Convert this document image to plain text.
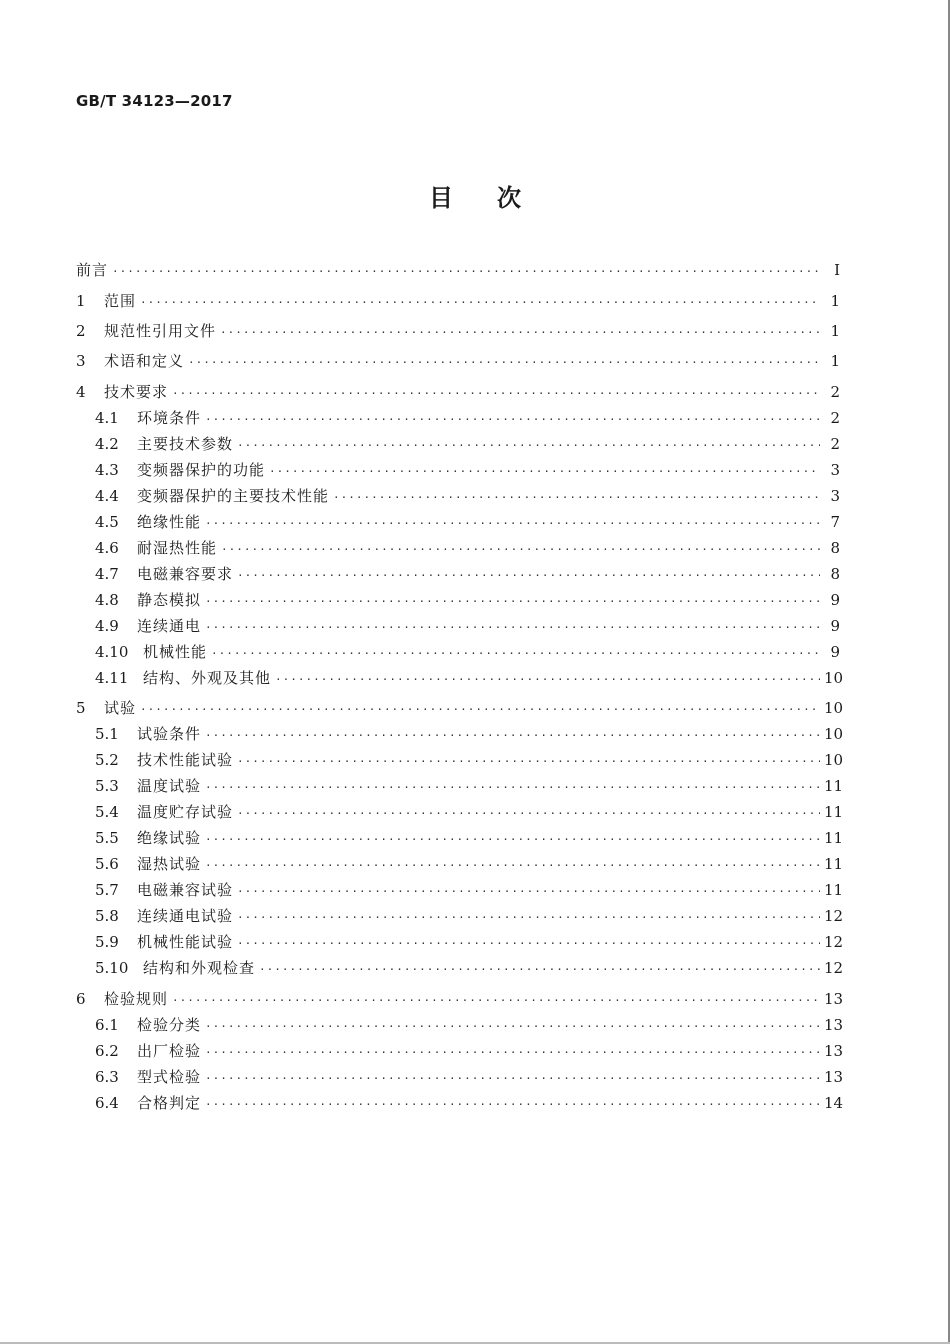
GB/T 34123—2017
目次
前言 ·····	Ⅰ
1	范围 ·····	1
2	规范性引用文件 ·····	1
3	术语和定义 ·····	1
4	技术要求 ·····	2
4.1	环境条件 ·····	2
4.2	主要技术参数 ·····	2
4.3	变频器保护的功能 ·····	3
4.4	变频器保护的主要技术性能 ·····	3
4.5	绝缘性能 ·····	7
4.6	耐湿热性能 ·····	8
4.7	电磁兼容要求 ·····	8
4.8	静态模拟 ·····	9
4.9	连续通电 ·····	9
4.10 机械性能 ·····	9
4.11 结构、外观及其他 ·····	10
5	试验 ·····	10
5.1	试验条件 ·····	10
5.2	技术性能试验 ·····	10
5.3	温度试验 ·····	11
5.4	温度贮存试验 ·····	11
5.5	绝缘试验 ·····	11
5.6	湿热试验 ·····	11
5.7	电磁兼容试验 ·····	11
5.8	连续通电试验 ·····	12
5.9	机械性能试验 ·····	12
5.10 结构和外观检查 ·····	12
6	检验规则 ·····	13
6.1	检验分类 ·····	13
6.2	出厂检验 ·····	13
6.3	型式检验 ·····	13
6.4	合格判定 ·····	14
